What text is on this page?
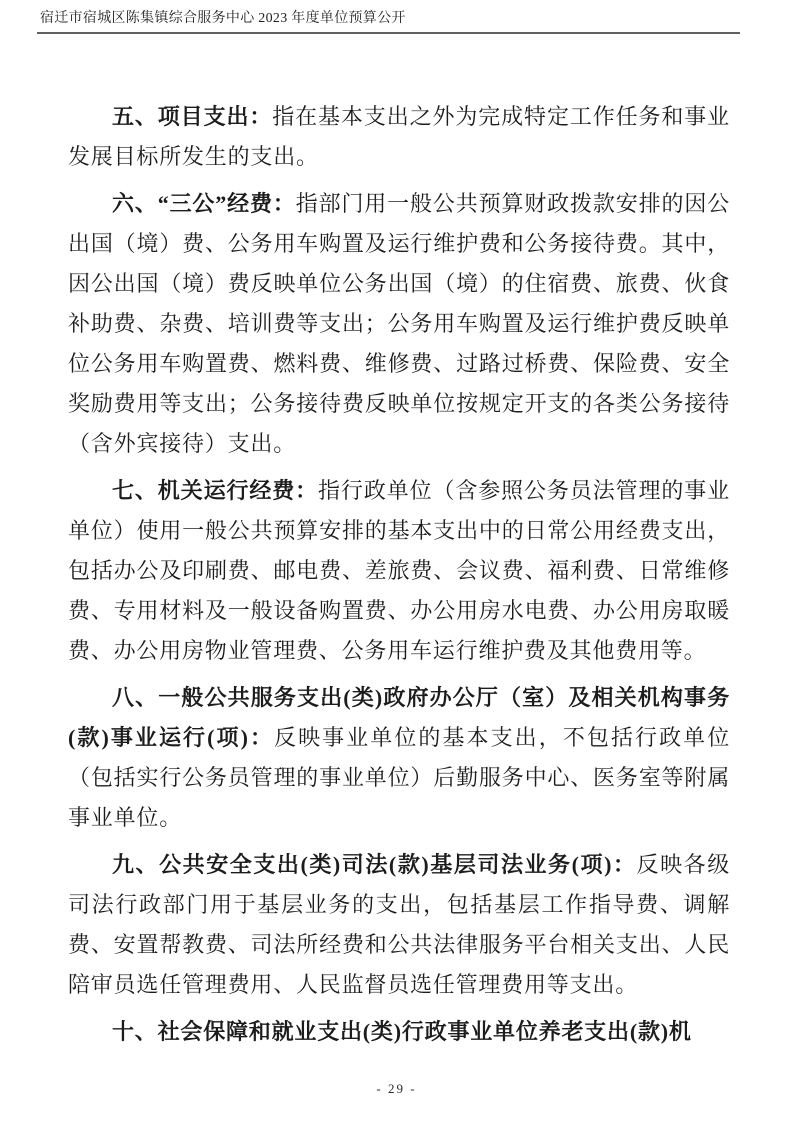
宿迁市宿城区陈集镇综合服务中心 2023 年度单位预算公开

五、项目支出：指在基本支出之外为完成特定工作任务和事业发展目标所发生的支出。

六、“三公”经费：指部门用一般公共预算财政拨款安排的因公出国（境）费、公务用车购置及运行维护费和公务接待费。其中，因公出国（境）费反映单位公务出国（境）的住宿费、旅费、伙食补助费、杂费、培训费等支出；公务用车购置及运行维护费反映单位公务用车购置费、燃料费、维修费、过路过桥费、保险费、安全奖励费用等支出；公务接待费反映单位按规定开支的各类公务接待（含外宾接待）支出。

七、机关运行经费：指行政单位（含参照公务员法管理的事业单位）使用一般公共预算安排的基本支出中的日常公用经费支出，包括办公及印刷费、邮电费、差旅费、会议费、福利费、日常维修费、专用材料及一般设备购置费、办公用房水电费、办公用房取暖费、办公用房物业管理费、公务用车运行维护费及其他费用等。

八、一般公共服务支出(类)政府办公厅（室）及相关机构事务(款)事业运行(项)：反映事业单位的基本支出，不包括行政单位（包括实行公务员管理的事业单位）后勤服务中心、医务室等附属事业单位。

九、公共安全支出(类)司法(款)基层司法业务(项)：反映各级司法行政部门用于基层业务的支出，包括基层工作指导费、调解费、安置帮教费、司法所经费和公共法律服务平台相关支出、人民陪审员选任管理费用、人民监督员选任管理费用等支出。

十、社会保障和就业支出(类)行政事业单位养老支出(款)机

- 29 -
